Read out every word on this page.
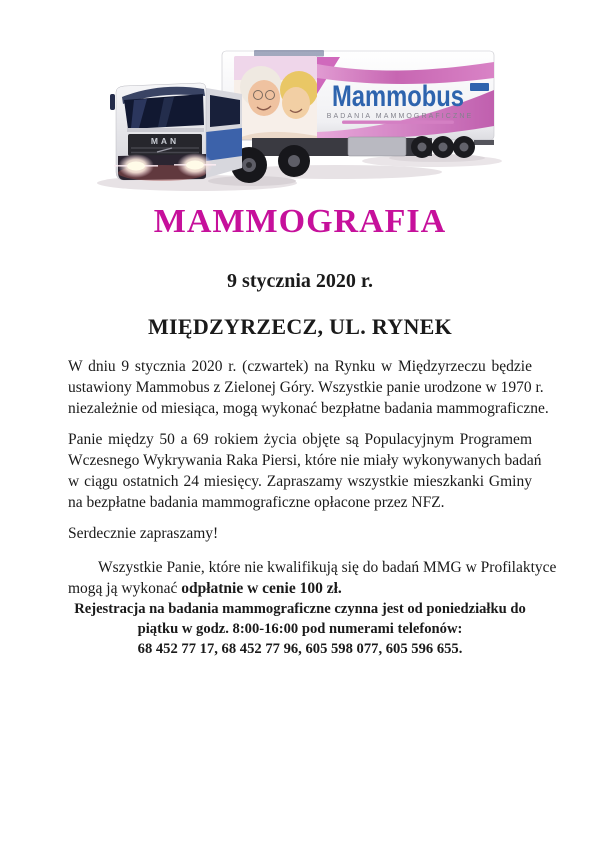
Mammobus
BADANIA MAMMOGRAFICZNE
MAN
MAMMOGRAFIA
9 stycznia 2020 r.
MIĘDZYRZECZ, UL. RYNEK
W dniu 9 stycznia 2020 r. (czwartek) na Rynku w Międzyrzeczu będzie
ustawiony Mammobus z Zielonej Góry. Wszystkie panie urodzone w 1970 r.
niezależnie od miesiąca, mogą wykonać bezpłatne badania mammograficzne.
Panie między 50 a 69 rokiem życia objęte są Populacyjnym Programem
Wczesnego Wykrywania Raka Piersi, które nie miały wykonywanych badań
w ciągu ostatnich 24 miesięcy. Zapraszamy wszystkie mieszkanki Gminy
na bezpłatne badania mammograficzne opłacone przez NFZ.
Serdecznie zapraszamy!
Wszystkie Panie, które nie kwalifikują się do badań MMG w Profilaktyce
mogą ją wykonać odpłatnie w cenie 100 zł.
Rejestracja na badania mammograficzne czynna jest od poniedziałku do
piątku w godz. 8:00-16:00 pod numerami telefonów:
68 452 77 17, 68 452 77 96, 605 598 077, 605 596 655.
